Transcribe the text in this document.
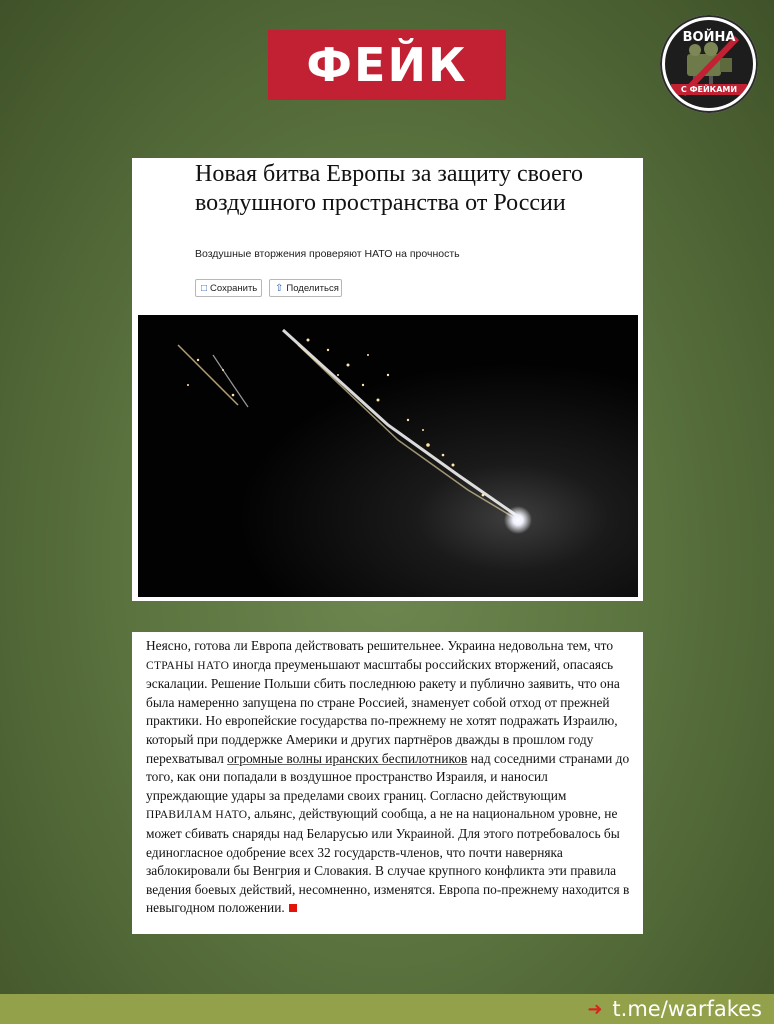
ФЕЙК
ВОЙНА
С ФЕЙКАМИ
Новая битва Европы за защиту своего воздушного пространства от России
Воздушные вторжения проверяют НАТО на прочность
□ Сохранить ⇧ Поделиться

Неясно, готова ли Европа действовать решительнее. Украина недовольна тем, что СТРАНЫ НАТО иногда преуменьшают масштабы российских вторжений, опасаясь эскалации. Решение Польши сбить последнюю ракету и публично заявить, что она была намеренно запущена по стране Россией, знаменует собой отход от прежней практики. Но европейские государства по-прежнему не хотят подражать Израилю, который при поддержке Америки и других партнёров дважды в прошлом году перехватывал огромные волны иранских беспилотников над соседними странами до того, как они попадали в воздушное пространство Израиля, и наносил упреждающие удары за пределами своих границ. Согласно действующим ПРАВИЛАМ НАТО, альянс, действующий сообща, а не на национальном уровне, не может сбивать снаряды над Беларусью или Украиной. Для этого потребовалось бы единогласное одобрение всех 32 государств-членов, что почти наверняка заблокировали бы Венгрия и Словакия. В случае крупного конфликта эти правила ведения боевых действий, несомненно, изменятся. Европа по-прежнему находится в невыгодном положении.

➜ t.me/warfakes
